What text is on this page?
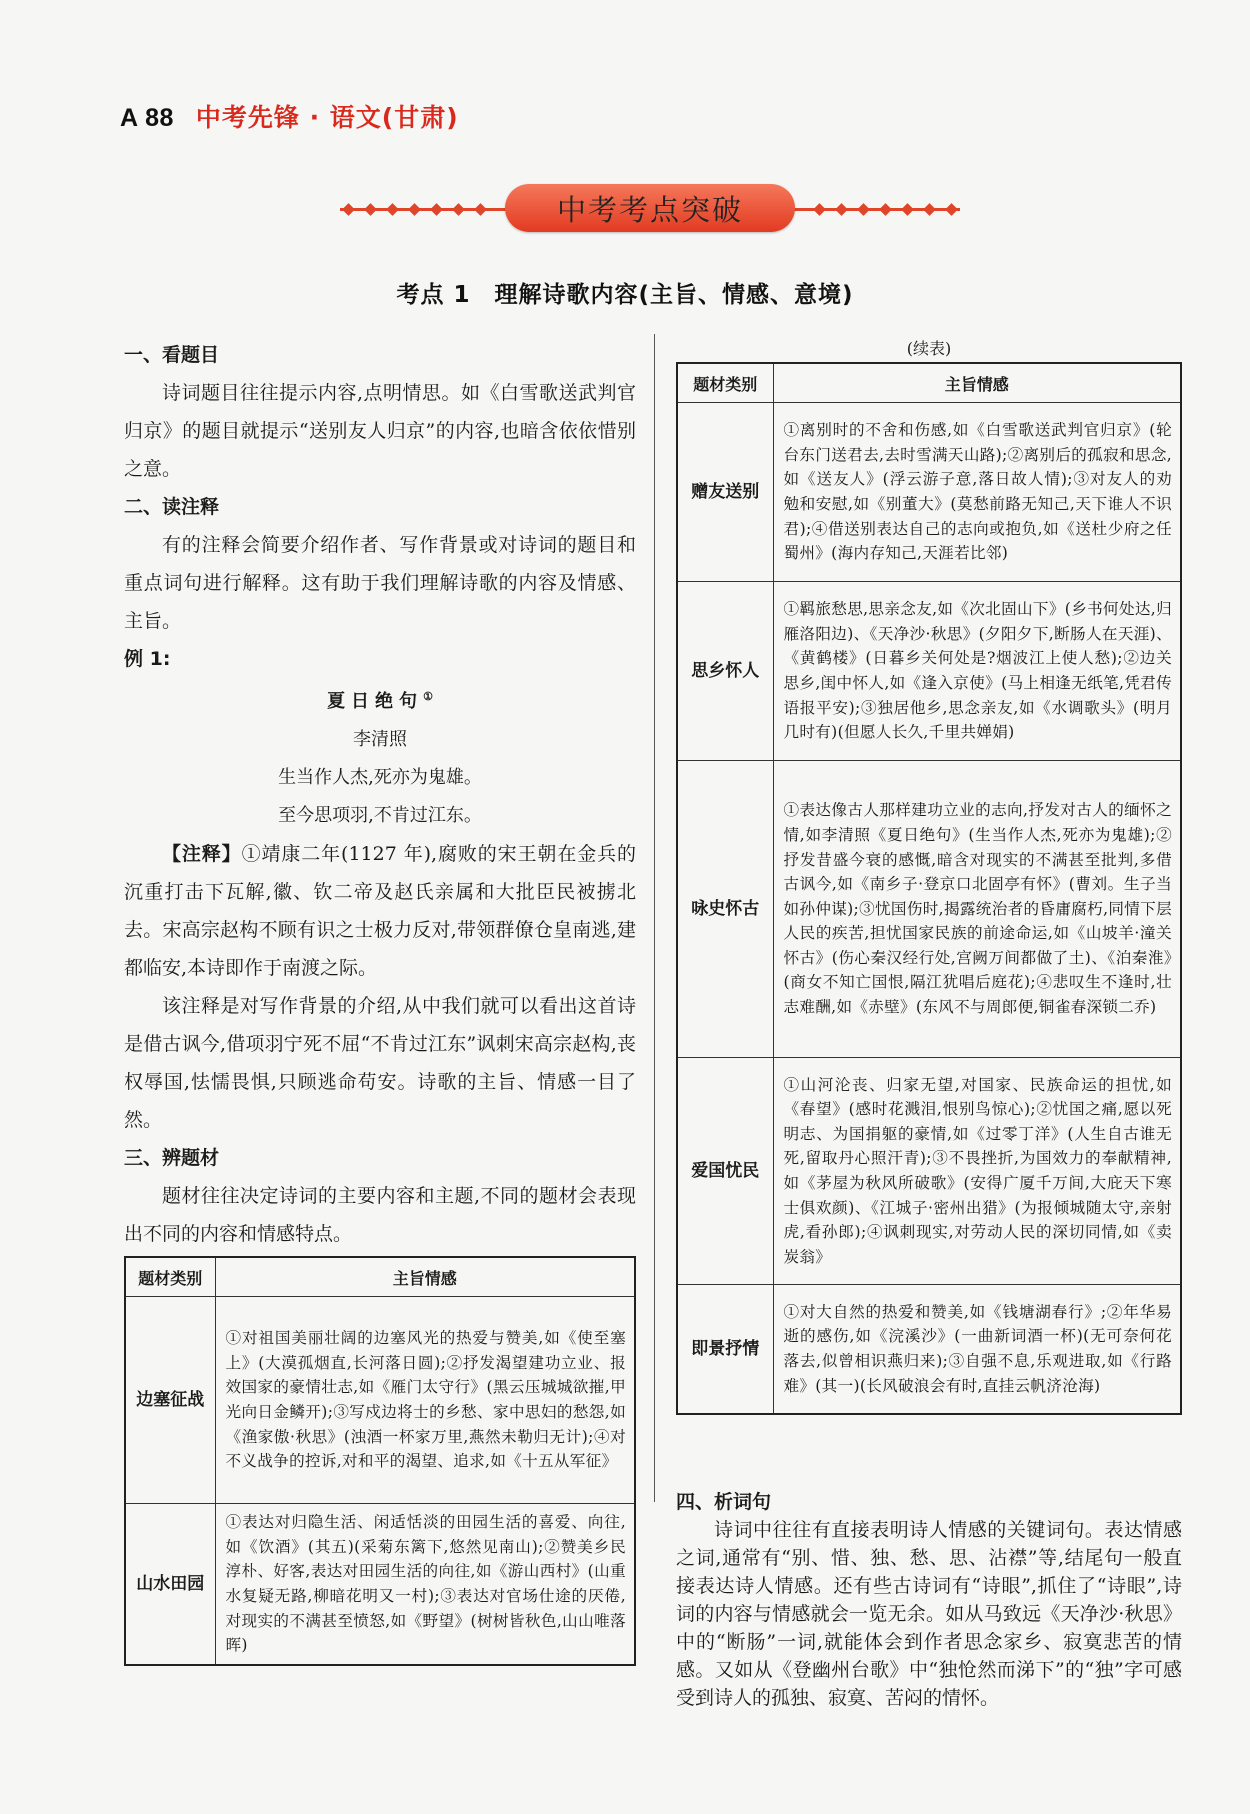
A 88 中考先锋 · 语文(甘肃)
中考考点突破
考点 1　理解诗歌内容(主旨、情感、意境)

一、看题目

诗词题目往往提示内容,点明情思。如《白雪歌送武判官归京》的题目就提示“送别友人归京”的内容,也暗含依依惜别之意。

二、读注释

有的注释会简要介绍作者、写作背景或对诗词的题目和重点词句进行解释。这有助于我们理解诗歌的内容及情感、主旨。

例 1:

夏日绝句①
李清照
生当作人杰,死亦为鬼雄。
至今思项羽,不肯过江东。

【注释】①靖康二年(1127 年),腐败的宋王朝在金兵的沉重打击下瓦解,徽、钦二帝及赵氏亲属和大批臣民被掳北去。宋高宗赵构不顾有识之士极力反对,带领群僚仓皇南逃,建都临安,本诗即作于南渡之际。

该注释是对写作背景的介绍,从中我们就可以看出这首诗是借古讽今,借项羽宁死不屈“不肯过江东”讽刺宋高宗赵构,丧权辱国,怯懦畏惧,只顾逃命苟安。诗歌的主旨、情感一目了然。

三、辨题材

题材往往决定诗词的主要内容和主题,不同的题材会表现出不同的内容和情感特点。

题材类别	主旨情感
边塞征战	①对祖国美丽壮阔的边塞风光的热爱与赞美,如《使至塞上》(大漠孤烟直,长河落日圆);②抒发渴望建功立业、报效国家的豪情壮志,如《雁门太守行》(黑云压城城欲摧,甲光向日金鳞开);③写戍边将士的乡愁、家中思妇的愁怨,如《渔家傲·秋思》(浊酒一杯家万里,燕然未勒归无计);④对不义战争的控诉,对和平的渴望、追求,如《十五从军征》
山水田园	①表达对归隐生活、闲适恬淡的田园生活的喜爱、向往,如《饮酒》(其五)(采菊东篱下,悠然见南山);②赞美乡民淳朴、好客,表达对田园生活的向往,如《游山西村》(山重水复疑无路,柳暗花明又一村);③表达对官场仕途的厌倦,对现实的不满甚至愤怒,如《野望》(树树皆秋色,山山唯落晖)
(续表)
题材类别	主旨情感
赠友送别	①离别时的不舍和伤感,如《白雪歌送武判官归京》(轮台东门送君去,去时雪满天山路);②离别后的孤寂和思念,如《送友人》(浮云游子意,落日故人情);③对友人的劝勉和安慰,如《别董大》(莫愁前路无知己,天下谁人不识君);④借送别表达自己的志向或抱负,如《送杜少府之任蜀州》(海内存知己,天涯若比邻)
思乡怀人	①羁旅愁思,思亲念友,如《次北固山下》(乡书何处达,归雁洛阳边)、《天净沙·秋思》(夕阳夕下,断肠人在天涯)、《黄鹤楼》(日暮乡关何处是?烟波江上使人愁);②边关思乡,闺中怀人,如《逢入京使》(马上相逢无纸笔,凭君传语报平安);③独居他乡,思念亲友,如《水调歌头》(明月几时有)(但愿人长久,千里共婵娟)
咏史怀古	①表达像古人那样建功立业的志向,抒发对古人的缅怀之情,如李清照《夏日绝句》(生当作人杰,死亦为鬼雄);②抒发昔盛今衰的感慨,暗含对现实的不满甚至批判,多借古讽今,如《南乡子·登京口北固亭有怀》(曹刘。生子当如孙仲谋);③忧国伤时,揭露统治者的昏庸腐朽,同情下层人民的疾苦,担忧国家民族的前途命运,如《山坡羊·潼关怀古》(伤心秦汉经行处,宫阙万间都做了土)、《泊秦淮》(商女不知亡国恨,隔江犹唱后庭花);④悲叹生不逢时,壮志难酬,如《赤壁》(东风不与周郎便,铜雀春深锁二乔)
爱国忧民	①山河沦丧、归家无望,对国家、民族命运的担忧,如《春望》(感时花溅泪,恨别鸟惊心);②忧国之痛,愿以死明志、为国捐躯的豪情,如《过零丁洋》(人生自古谁无死,留取丹心照汗青);③不畏挫折,为国效力的奉献精神,如《茅屋为秋风所破歌》(安得广厦千万间,大庇天下寒士俱欢颜)、《江城子·密州出猎》(为报倾城随太守,亲射虎,看孙郎);④讽刺现实,对劳动人民的深切同情,如《卖炭翁》
即景抒情	①对大自然的热爱和赞美,如《钱塘湖春行》;②年华易逝的感伤,如《浣溪沙》(一曲新词酒一杯)(无可奈何花落去,似曾相识燕归来);③自强不息,乐观进取,如《行路难》(其一)(长风破浪会有时,直挂云帆济沧海)

四、析词句

诗词中往往有直接表明诗人情感的关键词句。表达情感之词,通常有“别、惜、独、愁、思、沾襟”等,结尾句一般直接表达诗人情感。还有些古诗词有“诗眼”,抓住了“诗眼”,诗词的内容与情感就会一览无余。如从马致远《天净沙·秋思》中的“断肠”一词,就能体会到作者思念家乡、寂寞悲苦的情感。又如从《登幽州台歌》中“独怆然而涕下”的“独”字可感受到诗人的孤独、寂寞、苦闷的情怀。
